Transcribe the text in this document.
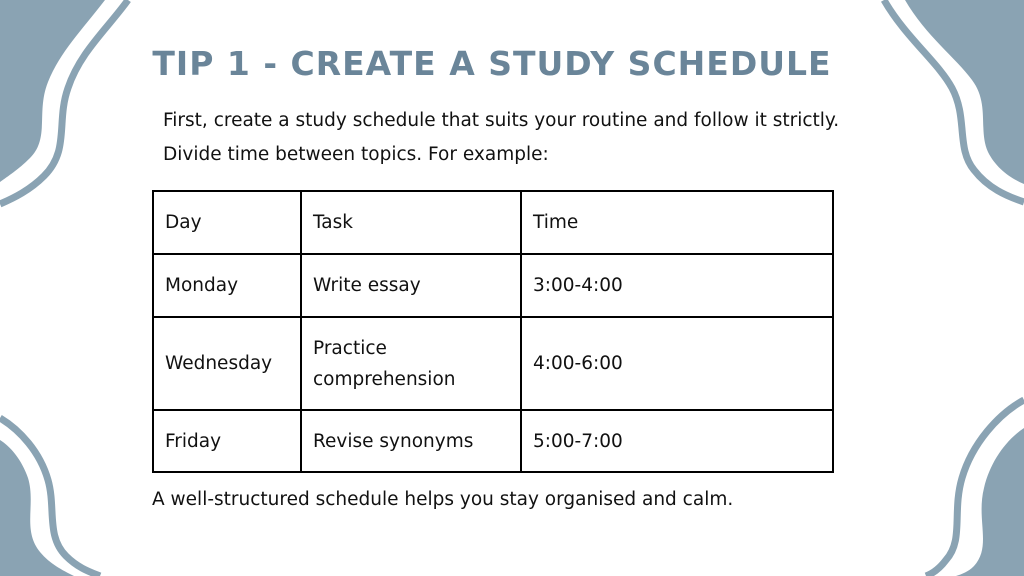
TIP 1 - CREATE A STUDY SCHEDULE

First, create a study schedule that suits your routine and follow it strictly. Divide time between topics. For example:

Day	Task	Time
Monday	Write essay	3:00-4:00
Wednesday	Practice comprehension	4:00-6:00
Friday	Revise synonyms	5:00-7:00

A well-structured schedule helps you stay organised and calm.
